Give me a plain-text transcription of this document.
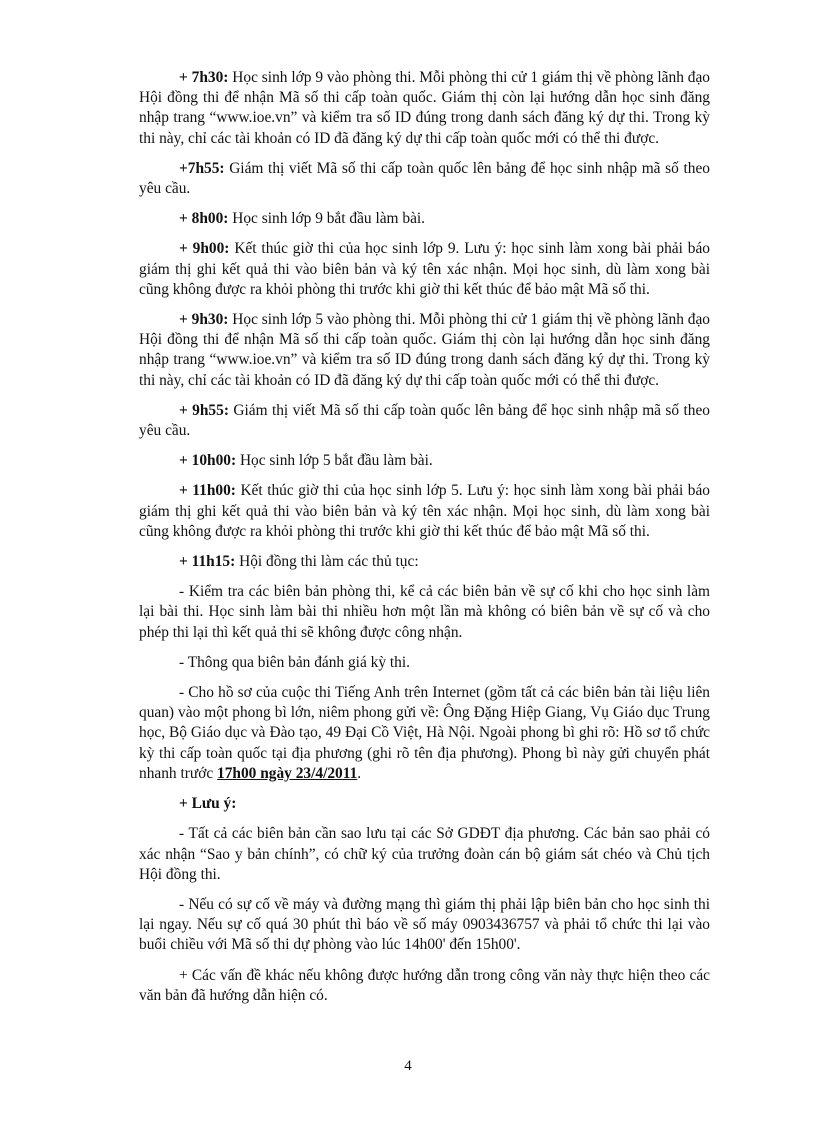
+ 7h30: Học sinh lớp 9 vào phòng thi. Mỗi phòng thi cử 1 giám thị về phòng lãnh đạo Hội đồng thi để nhận Mã số thi cấp toàn quốc. Giám thị còn lại hướng dẫn học sinh đăng nhập trang “www.ioe.vn” và kiểm tra số ID đúng trong danh sách đăng ký dự thi. Trong kỳ thi này, chỉ các tài khoản có ID đã đăng ký dự thi cấp toàn quốc mới có thể thi được.

+7h55: Giám thị viết Mã số thi cấp toàn quốc lên bảng để học sinh nhập mã số theo yêu cầu.

+ 8h00: Học sinh lớp 9 bắt đầu làm bài.

+ 9h00: Kết thúc giờ thi của học sinh lớp 9. Lưu ý: học sinh làm xong bài phải báo giám thị ghi kết quả thi vào biên bản và ký tên xác nhận. Mọi học sinh, dù làm xong bài cũng không được ra khỏi phòng thi trước khi giờ thi kết thúc để bảo mật Mã số thi.

+ 9h30: Học sinh lớp 5 vào phòng thi. Mỗi phòng thi cử 1 giám thị về phòng lãnh đạo Hội đồng thi để nhận Mã số thi cấp toàn quốc. Giám thị còn lại hướng dẫn học sinh đăng nhập trang “www.ioe.vn” và kiểm tra số ID đúng trong danh sách đăng ký dự thi. Trong kỳ thi này, chỉ các tài khoản có ID đã đăng ký dự thi cấp toàn quốc mới có thể thi được.

+ 9h55: Giám thị viết Mã số thi cấp toàn quốc lên bảng để học sinh nhập mã số theo yêu cầu.

+ 10h00: Học sinh lớp 5 bắt đầu làm bài.

+ 11h00: Kết thúc giờ thi của học sinh lớp 5. Lưu ý: học sinh làm xong bài phải báo giám thị ghi kết quả thi vào biên bản và ký tên xác nhận. Mọi học sinh, dù làm xong bài cũng không được ra khỏi phòng thi trước khi giờ thi kết thúc để bảo mật Mã số thi.

+ 11h15: Hội đồng thi làm các thủ tục:

- Kiểm tra các biên bản phòng thi, kể cả các biên bản về sự cố khi cho học sinh làm lại bài thi. Học sinh làm bài thi nhiều hơn một lần mà không có biên bản về sự cố và cho phép thi lại thì kết quả thi sẽ không được công nhận.

- Thông qua biên bản đánh giá kỳ thi.

- Cho hồ sơ của cuộc thi Tiếng Anh trên Internet (gồm tất cả các biên bản tài liệu liên quan) vào một phong bì lớn, niêm phong gửi về: Ông Đặng Hiệp Giang, Vụ Giáo dục Trung học, Bộ Giáo dục và Đào tạo, 49 Đại Cồ Việt, Hà Nội. Ngoài phong bì ghi rõ: Hồ sơ tổ chức kỳ thi cấp toàn quốc tại địa phương (ghi rõ tên địa phương). Phong bì này gửi chuyển phát nhanh trước 17h00 ngày 23/4/2011.

+ Lưu ý:

- Tất cả các biên bản cần sao lưu tại các Sở GDĐT địa phương. Các bản sao phải có xác nhận “Sao y bản chính”, có chữ ký của trưởng đoàn cán bộ giám sát chéo và Chủ tịch Hội đồng thi.

- Nếu có sự cố về máy và đường mạng thì giám thị phải lập biên bản cho học sinh thi lại ngay. Nếu sự cố quá 30 phút thì báo về số máy 0903436757 và phải tổ chức thi lại vào buổi chiều với Mã số thi dự phòng vào lúc 14h00' đến 15h00'.

+ Các vấn đề khác nếu không được hướng dẫn trong công văn này thực hiện theo các văn bản đã hướng dẫn hiện có.

4
